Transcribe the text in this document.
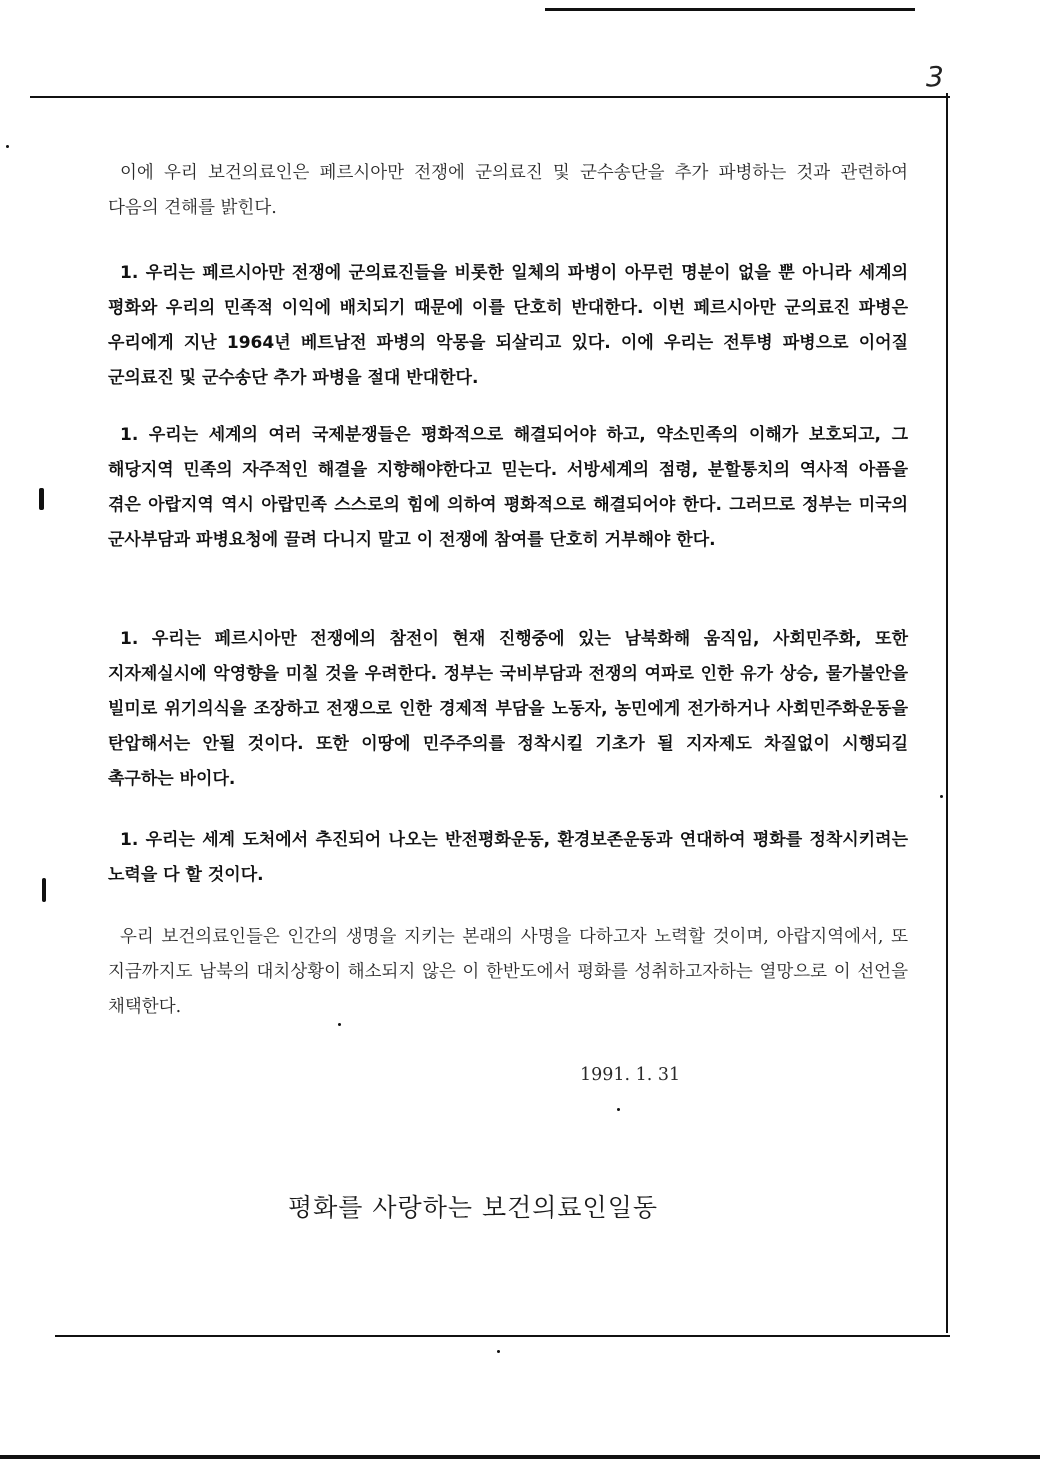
3

이에 우리 보건의료인은 페르시아만 전쟁에 군의료진 및 군수송단을 추가 파병하는 것과 관련하여 다음의 견해를 밝힌다.

1. 우리는 페르시아만 전쟁에 군의료진들을 비롯한 일체의 파병이 아무런 명분이 없을 뿐 아니라 세계의 평화와 우리의 민족적 이익에 배치되기 때문에 이를 단호히 반대한다. 이번 페르시아만 군의료진 파병은 우리에게 지난 1964년 베트남전 파병의 악몽을 되살리고 있다. 이에 우리는 전투병 파병으로 이어질 군의료진 및 군수송단 추가 파병을 절대 반대한다.

1. 우리는 세계의 여러 국제분쟁들은 평화적으로 해결되어야 하고, 약소민족의 이해가 보호되고, 그 해당지역 민족의 자주적인 해결을 지향해야한다고 믿는다. 서방세계의 점령, 분할통치의 역사적 아픔을 겪은 아랍지역 역시 아랍민족 스스로의 힘에 의하여 평화적으로 해결되어야 한다. 그러므로 정부는 미국의 군사부담과 파병요청에 끌려 다니지 말고 이 전쟁에 참여를 단호히 거부해야 한다.

1. 우리는 페르시아만 전쟁에의 참전이 현재 진행중에 있는 남북화해 움직임, 사회민주화, 또한 지자제실시에 악영향을 미칠 것을 우려한다. 정부는 국비부담과 전쟁의 여파로 인한 유가 상승, 물가불안을 빌미로 위기의식을 조장하고 전쟁으로 인한 경제적 부담을 노동자, 농민에게 전가하거나 사회민주화운동을 탄압해서는 안될 것이다. 또한 이땅에 민주주의를 정착시킬 기초가 될 지자제도 차질없이 시행되길 촉구하는 바이다.

1. 우리는 세계 도처에서 추진되어 나오는 반전평화운동, 환경보존운동과 연대하여 평화를 정착시키려는 노력을 다 할 것이다.

우리 보건의료인들은 인간의 생명을 지키는 본래의 사명을 다하고자 노력할 것이며, 아랍지역에서, 또 지금까지도 남북의 대치상황이 해소되지 않은 이 한반도에서 평화를 성취하고자하는 열망으로 이 선언을 채택한다.

1991. 1. 31
평화를 사랑하는 보건의료인일동
